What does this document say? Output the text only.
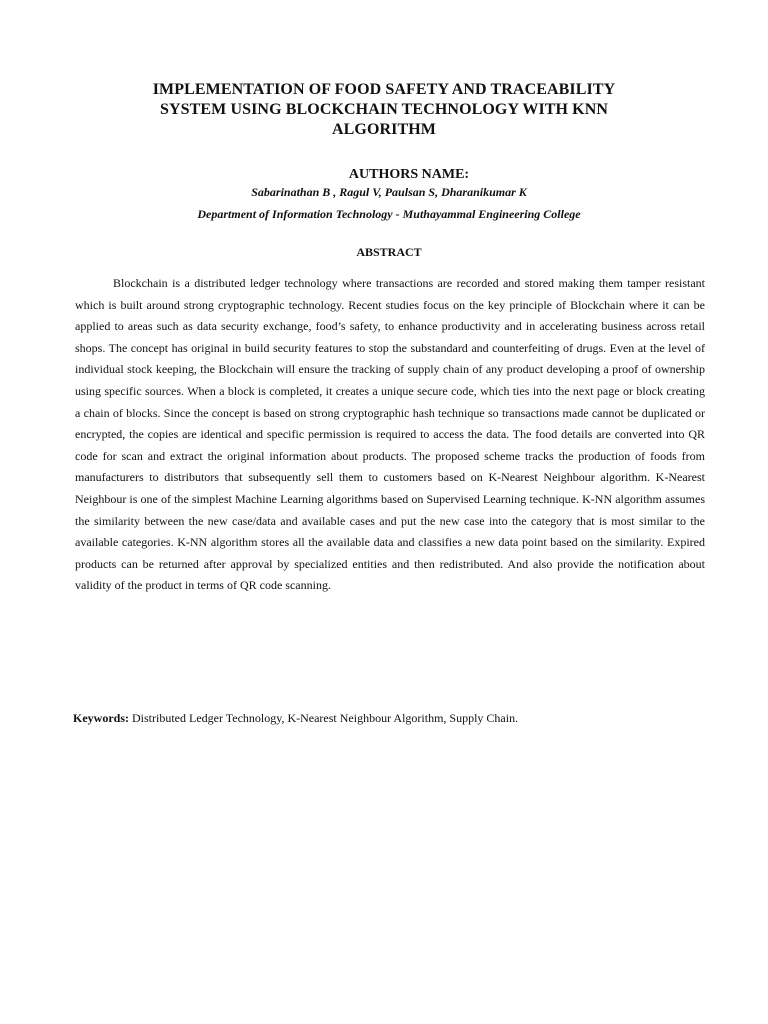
IMPLEMENTATION OF FOOD SAFETY AND TRACEABILITY
SYSTEM USING BLOCKCHAIN TECHNOLOGY WITH KNN
ALGORITHM
AUTHORS NAME:
Sabarinathan B , Ragul V, Paulsan S, Dharanikumar K
Department of Information Technology - Muthayammal Engineering College
ABSTRACT

Blockchain is a distributed ledger technology where transactions are recorded and stored making them tamper resistant which is built around strong cryptographic technology. Recent studies focus on the key principle of Blockchain where it can be applied to areas such as data security exchange, food’s safety, to enhance productivity and in accelerating business across retail shops. The concept has original in build security features to stop the substandard and counterfeiting of drugs. Even at the level of individual stock keeping, the Blockchain will ensure the tracking of supply chain of any product developing a proof of ownership using specific sources. When a block is completed, it creates a unique secure code, which ties into the next page or block creating a chain of blocks. Since the concept is based on strong cryptographic hash technique so transactions made cannot be duplicated or encrypted, the copies are identical and specific permission is required to access the data. The food details are converted into QR code for scan and extract the original information about products. The proposed scheme tracks the production of foods from manufacturers to distributors that subsequently sell them to customers based on K-Nearest Neighbour algorithm. K-Nearest Neighbour is one of the simplest Machine Learning algorithms based on Supervised Learning technique. K-NN algorithm assumes the similarity between the new case/data and available cases and put the new case into the category that is most similar to the available categories. K-NN algorithm stores all the available data and classifies a new data point based on the similarity. Expired products can be returned after approval by specialized entities and then redistributed. And also provide the notification about validity of the product in terms of QR code scanning.

Keywords: Distributed Ledger Technology, K-Nearest Neighbour Algorithm, Supply Chain.
